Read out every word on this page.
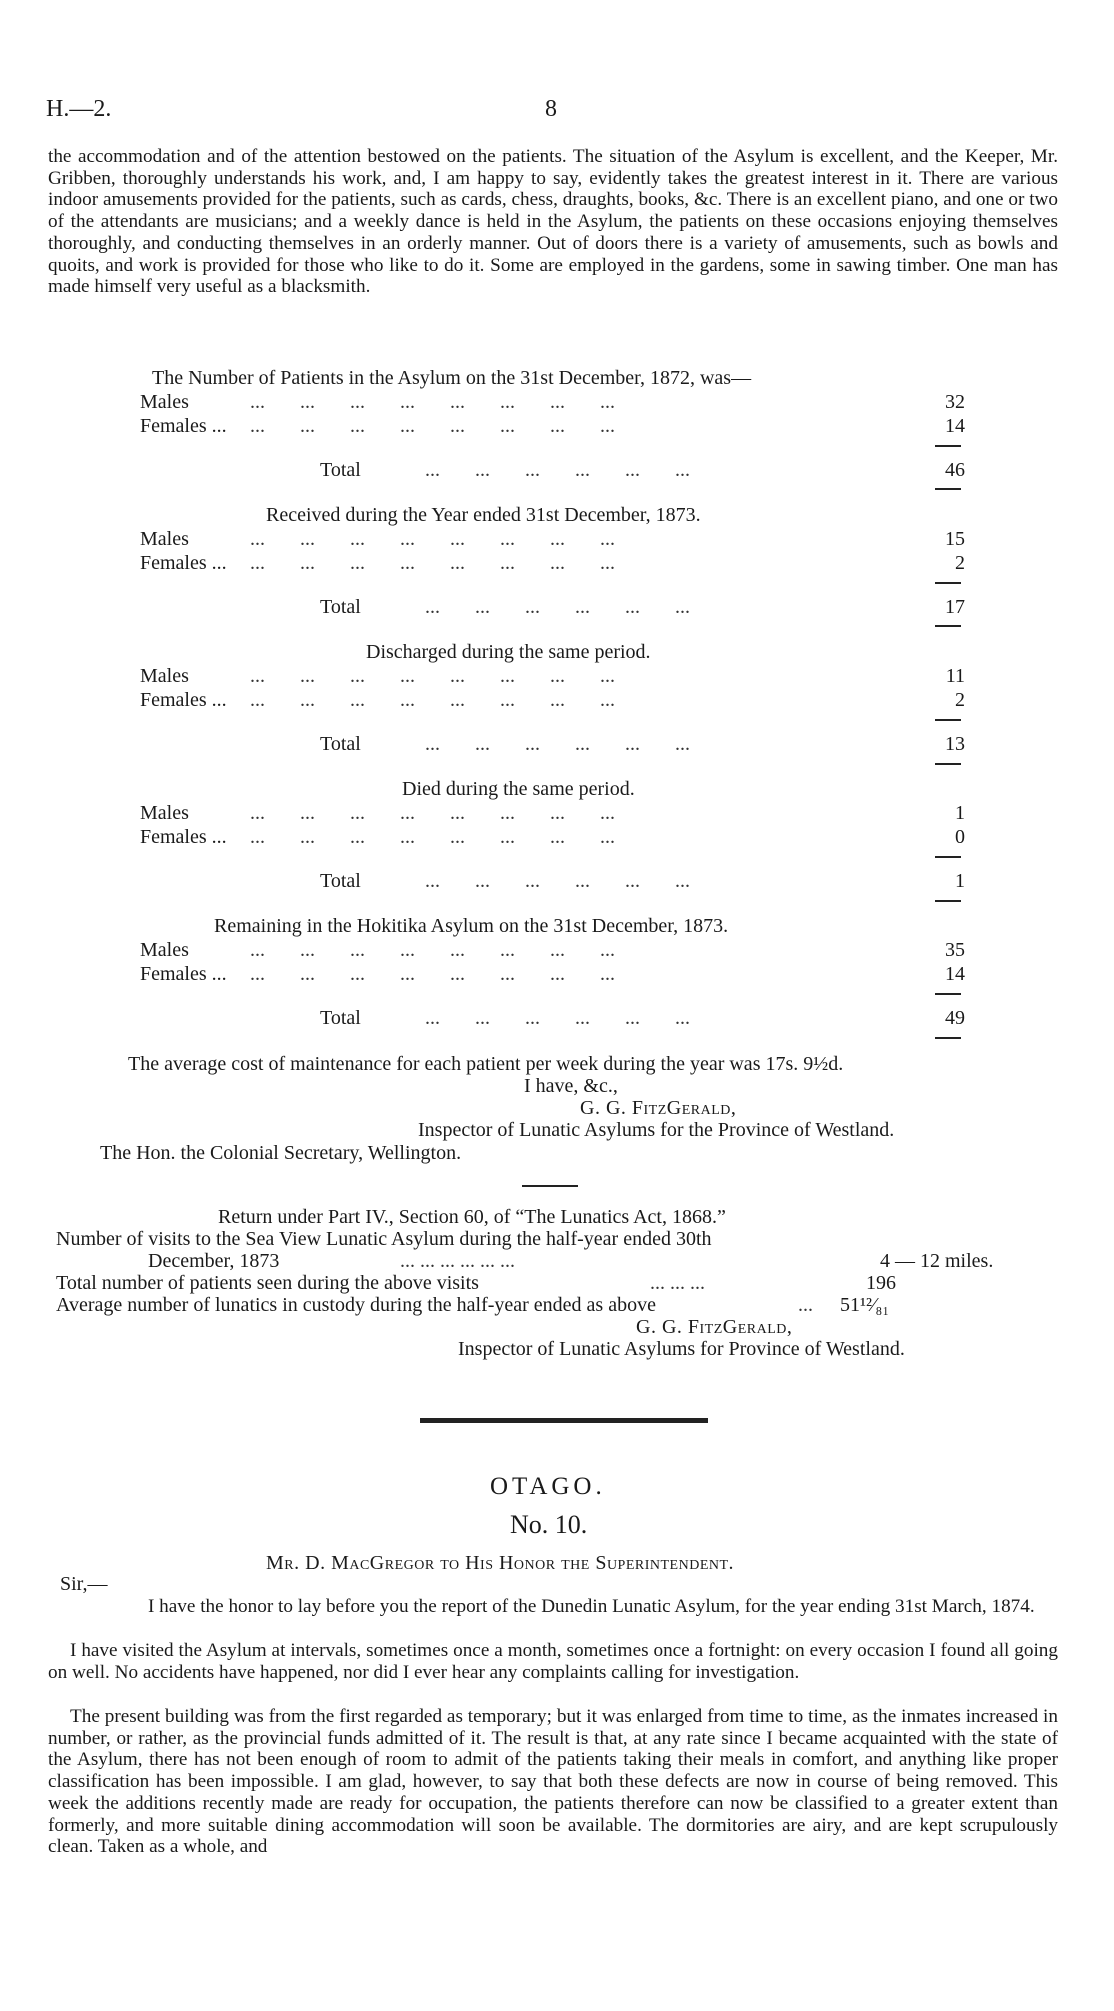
H.—2.	8
the accommodation and of the attention bestowed on the patients. The situation of the Asylum is excellent, and the Keeper, Mr. Gribben, thoroughly understands his work, and, I am happy to say, evidently takes the greatest interest in it. There are various indoor amusements provided for the patients, such as cards, chess, draughts, books, &c. There is an excellent piano, and one or two of the attendants are musicians; and a weekly dance is held in the Asylum, the patients on these occasions enjoying themselves thoroughly, and conducting themselves in an orderly manner. Out of doors there is a variety of amusements, such as bowls and quoits, and work is provided for those who like to do it. Some are employed in the gardens, some in sawing timber. One man has made himself very useful as a blacksmith.
The Number of Patients in the Asylum on the 31st December, 1872, was—
Males ...       ...       ...       ...       ...       ...       ...       ...	32
Females ... ...       ...       ...       ...       ...       ...       ...       ...	14
Total	...       ...       ...       ...       ...       ...	46
Received during the Year ended 31st December, 1873.
Males ...       ...       ...       ...       ...       ...       ...       ...	15
Females ... ...       ...       ...       ...       ...       ...       ...       ...	2
Total	...       ...       ...       ...       ...       ...	17
Discharged during the same period.
Males ...       ...       ...       ...       ...       ...       ...       ...	11
Females ... ...       ...       ...       ...       ...       ...       ...       ...	2
Total	...       ...       ...       ...       ...       ...	13
Died during the same period.
Males ...       ...       ...       ...       ...       ...       ...       ...	1
Females ... ...       ...       ...       ...       ...       ...       ...       ...	0
Total	...       ...       ...       ...       ...       ...	1
Remaining in the Hokitika Asylum on the 31st December, 1873.
Males ...       ...       ...       ...       ...       ...       ...       ...	35
Females ... ...       ...       ...       ...       ...       ...       ...       ...	14
Total	...       ...       ...       ...       ...       ...	49
The average cost of maintenance for each patient per week during the year was 17s. 9½d.
I have, &c.,
G. G. FitzGerald,
Inspector of Lunatic Asylums for the Province of Westland.
The Hon. the Colonial Secretary, Wellington.
Return under Part IV., Section 60, of “The Lunatics Act, 1868.”
Number of visits to the Sea View Lunatic Asylum during the half-year ended 30th
December, 1873	... ... ... ... ... ...	4 — 12 miles.
Total number of patients seen during the above visits	... ... ...	196
Average number of lunatics in custody during the half-year ended as above	... 51¹²⁄₈₁
G. G. FitzGerald,
Inspector of Lunatic Asylums for Province of Westland.
OTAGO.
No. 10.
Mr. D. MacGregor to His Honor the Superintendent.
Sir,—
I have the honor to lay before you the report of the Dunedin Lunatic Asylum, for the year ending 31st March, 1874.
I have visited the Asylum at intervals, sometimes once a month, sometimes once a fortnight: on every occasion I found all going on well. No accidents have happened, nor did I ever hear any complaints calling for investigation.
The present building was from the first regarded as temporary; but it was enlarged from time to time, as the inmates increased in number, or rather, as the provincial funds admitted of it. The result is that, at any rate since I became acquainted with the state of the Asylum, there has not been enough of room to admit of the patients taking their meals in comfort, and anything like proper classification has been impossible. I am glad, however, to say that both these defects are now in course of being removed. This week the additions recently made are ready for occupation, the patients therefore can now be classified to a greater extent than formerly, and more suitable dining accommodation will soon be available. The dormitories are airy, and are kept scrupulously clean. Taken as a whole, and
